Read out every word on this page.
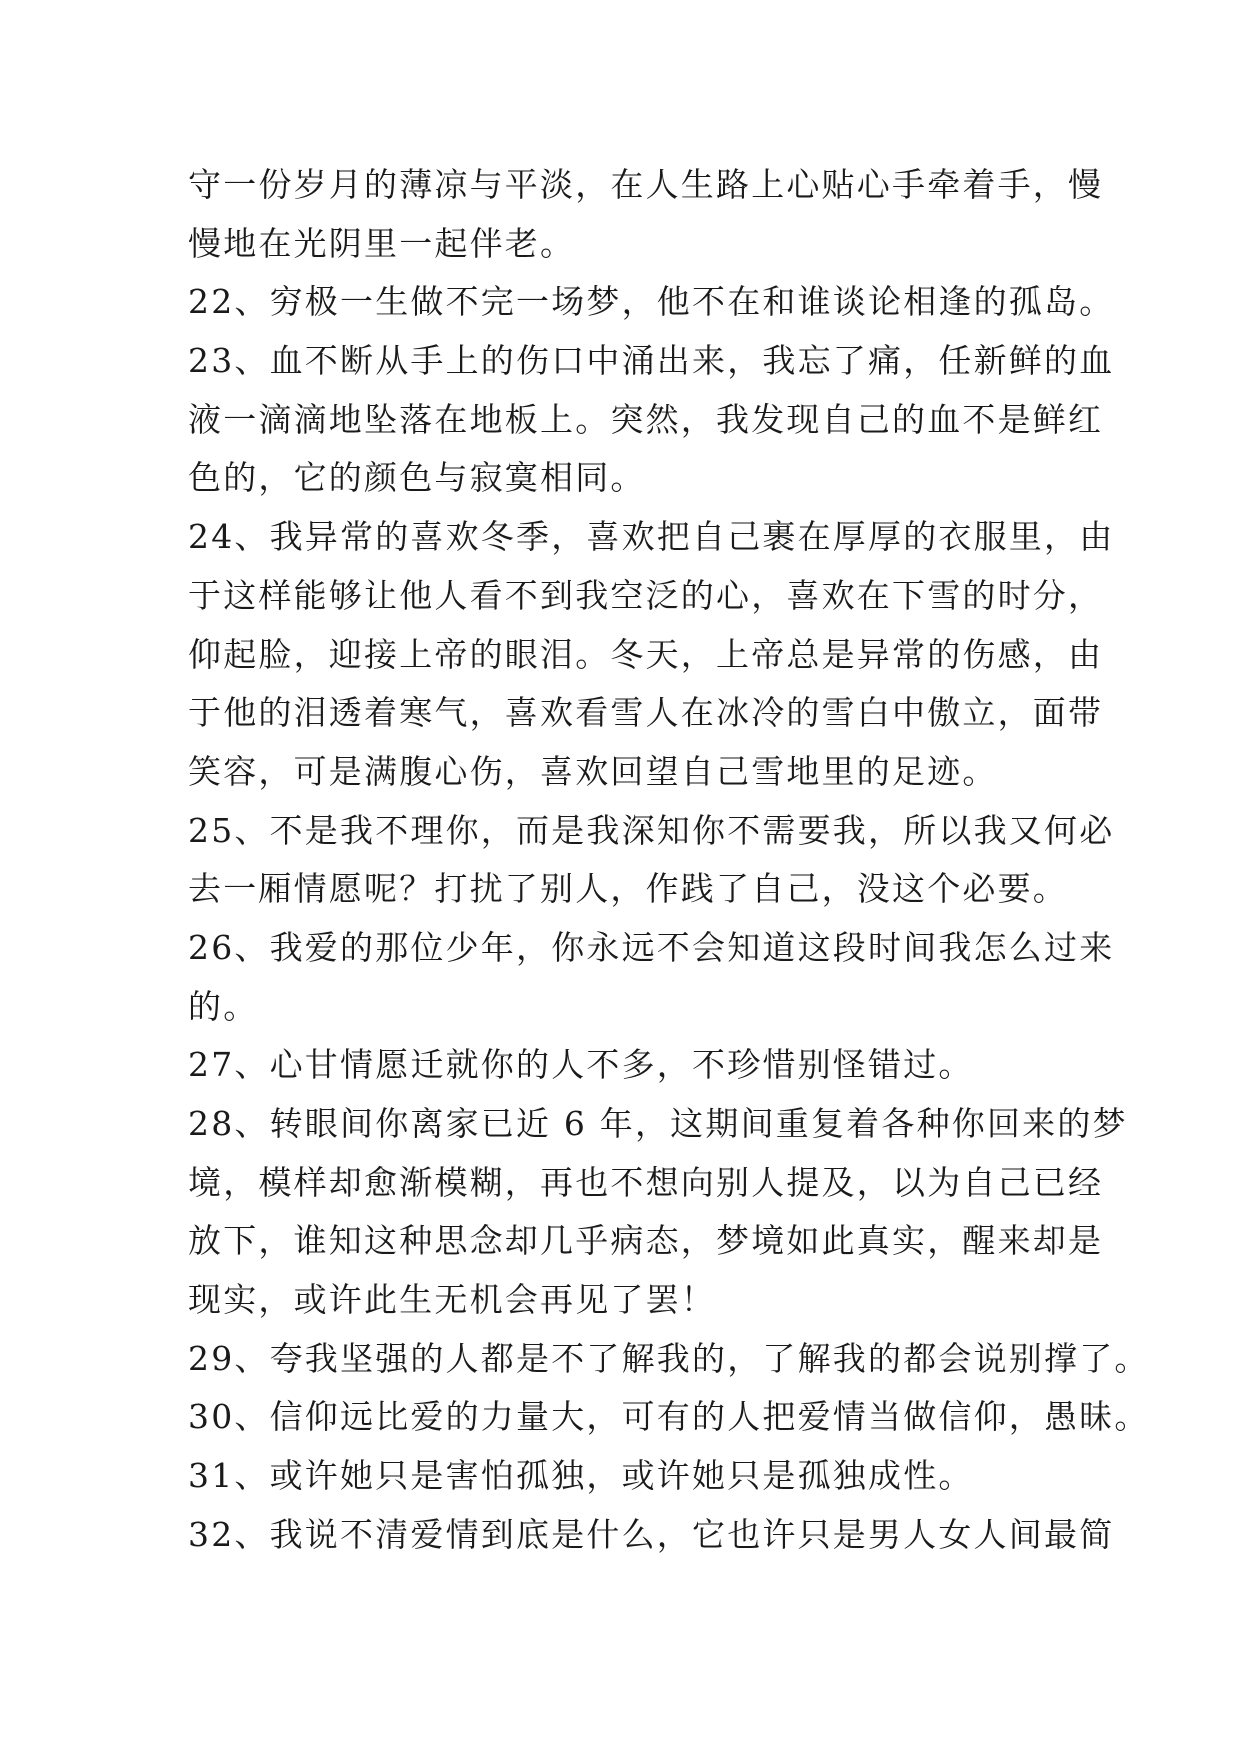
守一份岁月的薄凉与平淡，在人生路上心贴心手牵着手，慢
慢地在光阴里一起伴老。
22、穷极一生做不完一场梦，他不在和谁谈论相逢的孤岛。
23、血不断从手上的伤口中涌出来，我忘了痛，任新鲜的血
液一滴滴地坠落在地板上。突然，我发现自己的血不是鲜红
色的，它的颜色与寂寞相同。
24、我异常的喜欢冬季，喜欢把自己裹在厚厚的衣服里，由
于这样能够让他人看不到我空泛的心，喜欢在下雪的时分，
仰起脸，迎接上帝的眼泪。冬天，上帝总是异常的伤感，由
于他的泪透着寒气，喜欢看雪人在冰冷的雪白中傲立，面带
笑容，可是满腹心伤，喜欢回望自己雪地里的足迹。
25、不是我不理你，而是我深知你不需要我，所以我又何必
去一厢情愿呢？打扰了别人，作践了自己，没这个必要。
26、我爱的那位少年，你永远不会知道这段时间我怎么过来
的。
27、心甘情愿迁就你的人不多，不珍惜别怪错过。
28、转眼间你离家已近 6 年，这期间重复着各种你回来的梦
境，模样却愈渐模糊，再也不想向别人提及，以为自己已经
放下，谁知这种思念却几乎病态，梦境如此真实，醒来却是
现实，或许此生无机会再见了罢！
29、夸我坚强的人都是不了解我的，了解我的都会说别撑了。
30、信仰远比爱的力量大，可有的人把爱情当做信仰，愚昧。
31、或许她只是害怕孤独，或许她只是孤独成性。
32、我说不清爱情到底是什么，它也许只是男人女人间最简
